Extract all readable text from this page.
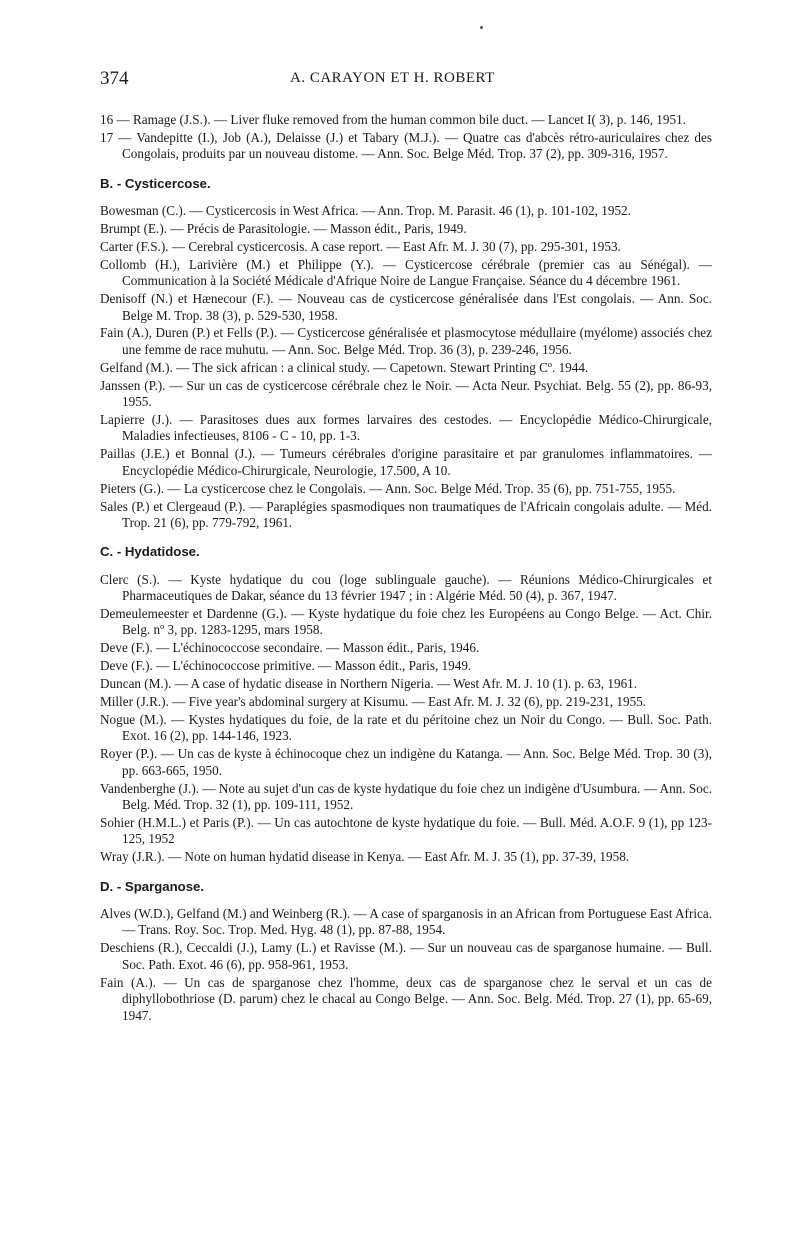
374	A. CARAYON ET H. ROBERT

16 — Ramage (J.S.). — Liver fluke removed from the human common bile duct. — Lancet I( 3), p. 146, 1951.

17 — Vandepitte (I.), Job (A.), Delaisse (J.) et Tabary (M.J.). — Quatre cas d'abcès rétro-auriculaires chez des Congolais, produits par un nouveau distome. — Ann. Soc. Belge Méd. Trop. 37 (2), pp. 309-316, 1957.

B. - Cysticercose.

Bowesman (C.). — Cysticercosis in West Africa. — Ann. Trop. M. Parasit. 46 (1), p. 101-102, 1952.

Brumpt (E.). — Précis de Parasitologie. — Masson édit., Paris, 1949.

Carter (F.S.). — Cerebral cysticercosis. A case report. — East Afr. M. J. 30 (7), pp. 295-301, 1953.

Collomb (H.), Larivière (M.) et Philippe (Y.). — Cysticercose cérébrale (premier cas au Sénégal). — Communication à la Société Médicale d'Afrique Noire de Langue Française. Séance du 4 décembre 1961.

Denisoff (N.) et Hænecour (F.). — Nouveau cas de cysticercose généralisée dans l'Est congolais. — Ann. Soc. Belge M. Trop. 38 (3), p. 529-530, 1958.

Fain (A.), Duren (P.) et Fells (P.). — Cysticercose généralisée et plasmocytose médullaire (myélome) associés chez une femme de race muhutu. — Ann. Soc. Belge Méd. Trop. 36 (3), p. 239-246, 1956.

Gelfand (M.). — The sick african : a clinical study. — Capetown. Stewart Printing Cº. 1944.

Janssen (P.). — Sur un cas de cysticercose cérébrale chez le Noir. — Acta Neur. Psychiat. Belg. 55 (2), pp. 86-93, 1955.

Lapierre (J.). — Parasitoses dues aux formes larvaires des cestodes. — Encyclopédie Médico-Chirurgicale, Maladies infectieuses, 8106 - C - 10, pp. 1-3.

Paillas (J.E.) et Bonnal (J.). — Tumeurs cérébrales d'origine parasitaire et par granulomes inflammatoires. — Encyclopédie Médico-Chirurgicale, Neurologie, 17.500, A 10.

Pieters (G.). — La cysticercose chez le Congolais. — Ann. Soc. Belge Méd. Trop. 35 (6), pp. 751-755, 1955.

Sales (P.) et Clergeaud (P.). — Paraplégies spasmodiques non traumatiques de l'Africain congolais adulte. — Méd. Trop. 21 (6), pp. 779-792, 1961.

C. - Hydatidose.

Clerc (S.). — Kyste hydatique du cou (loge sublinguale gauche). — Réunions Médico-Chirurgicales et Pharmaceutiques de Dakar, séance du 13 février 1947 ; in : Algérie Méd. 50 (4), p. 367, 1947.

Demeulemeester et Dardenne (G.). — Kyste hydatique du foie chez les Européens au Congo Belge. — Act. Chir. Belg. nº 3, pp. 1283-1295, mars 1958.

Deve (F.). — L'échinococcose secondaire. — Masson édit., Paris, 1946.

Deve (F.). — L'échinococcose primitive. — Masson édit., Paris, 1949.

Duncan (M.). — A case of hydatic disease in Northern Nigeria. — West Afr. M. J. 10 (1). p. 63, 1961.

Miller (J.R.). — Five year's abdominal surgery at Kisumu. — East Afr. M. J. 32 (6), pp. 219-231, 1955.

Nogue (M.). — Kystes hydatiques du foie, de la rate et du péritoine chez un Noir du Congo. — Bull. Soc. Path. Exot. 16 (2), pp. 144-146, 1923.

Royer (P.). — Un cas de kyste à échinocoque chez un indigène du Katanga. — Ann. Soc. Belge Méd. Trop. 30 (3), pp. 663-665, 1950.

Vandenberghe (J.). — Note au sujet d'un cas de kyste hydatique du foie chez un indigène d'Usumbura. — Ann. Soc. Belg. Méd. Trop. 32 (1), pp. 109-111, 1952.

Sohier (H.M.L.) et Paris (P.). — Un cas autochtone de kyste hydatique du foie. — Bull. Méd. A.O.F. 9 (1), pp 123-125, 1952

Wray (J.R.). — Note on human hydatid disease in Kenya. — East Afr. M. J. 35 (1), pp. 37-39, 1958.

D. - Sparganose.

Alves (W.D.), Gelfand (M.) and Weinberg (R.). — A case of sparganosis in an African from Portuguese East Africa. — Trans. Roy. Soc. Trop. Med. Hyg. 48 (1), pp. 87-88, 1954.

Deschiens (R.), Ceccaldi (J.), Lamy (L.) et Ravisse (M.). — Sur un nouveau cas de sparganose humaine. — Bull. Soc. Path. Exot. 46 (6), pp. 958-961, 1953.

Fain (A.). — Un cas de sparganose chez l'homme, deux cas de sparganose chez le serval et un cas de diphyllobothriose (D. parum) chez le chacal au Congo Belge. — Ann. Soc. Belg. Méd. Trop. 27 (1), pp. 65-69, 1947.
